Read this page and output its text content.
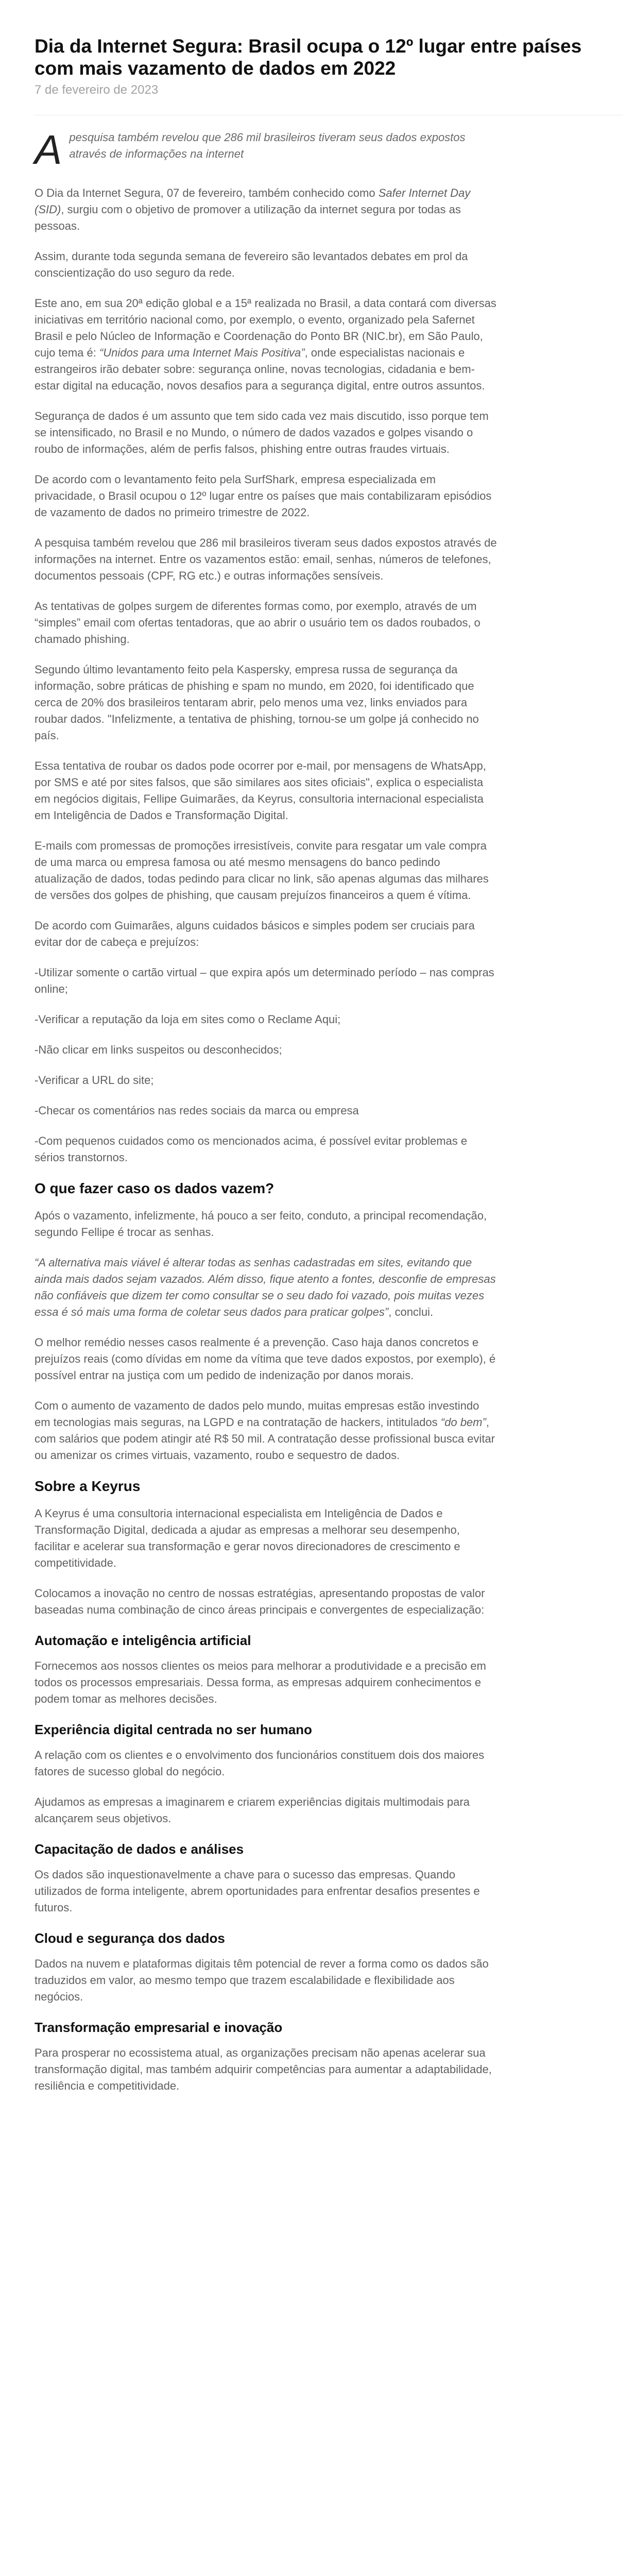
Dia da Internet Segura: Brasil ocupa o 12º lugar entre países com mais vazamento de dados em 2022
7 de fevereiro de 2023
A pesquisa também revelou que 286 mil brasileiros tiveram seus dados expostos através de informações na internet

O Dia da Internet Segura, 07 de fevereiro, também conhecido como Safer Internet Day (SID), surgiu com o objetivo de promover a utilização da internet segura por todas as pessoas.

Assim, durante toda segunda semana de fevereiro são levantados debates em prol da conscientização do uso seguro da rede.

Este ano, em sua 20ª edição global e a 15ª realizada no Brasil, a data contará com diversas iniciativas em território nacional como, por exemplo, o evento, organizado pela Safernet Brasil e pelo Núcleo de Informação e Coordenação do Ponto BR (NIC.br), em São Paulo, cujo tema é: “Unidos para uma Internet Mais Positiva”, onde especialistas nacionais e estrangeiros irão debater sobre: segurança online, novas tecnologias, cidadania e bem-estar digital na educação, novos desafios para a segurança digital, entre outros assuntos.

Segurança de dados é um assunto que tem sido cada vez mais discutido, isso porque tem se intensificado, no Brasil e no Mundo, o número de dados vazados e golpes visando o roubo de informações, além de perfis falsos, phishing entre outras fraudes virtuais.

De acordo com o levantamento feito pela SurfShark, empresa especializada em privacidade, o Brasil ocupou o 12º lugar entre os países que mais contabilizaram episódios de vazamento de dados no primeiro trimestre de 2022.

A pesquisa também revelou que 286 mil brasileiros tiveram seus dados expostos através de informações na internet. Entre os vazamentos estão: email, senhas, números de telefones, documentos pessoais (CPF, RG etc.) e outras informações sensíveis.

As tentativas de golpes surgem de diferentes formas como, por exemplo, através de um “simples” email com ofertas tentadoras, que ao abrir o usuário tem os dados roubados, o chamado phishing.

Segundo último levantamento feito pela Kaspersky, empresa russa de segurança da informação, sobre práticas de phishing e spam no mundo, em 2020, foi identificado que cerca de 20% dos brasileiros tentaram abrir, pelo menos uma vez, links enviados para roubar dados. "Infelizmente, a tentativa de phishing, tornou-se um golpe já conhecido no país.

Essa tentativa de roubar os dados pode ocorrer por e-mail, por mensagens de WhatsApp, por SMS e até por sites falsos, que são similares aos sites oficiais", explica o especialista em negócios digitais, Fellipe Guimarães, da Keyrus, consultoria internacional especialista em Inteligência de Dados e Transformação Digital.

E-mails com promessas de promoções irresistíveis, convite para resgatar um vale compra de uma marca ou empresa famosa ou até mesmo mensagens do banco pedindo atualização de dados, todas pedindo para clicar no link, são apenas algumas das milhares de versões dos golpes de phishing, que causam prejuízos financeiros a quem é vítima.

De acordo com Guimarães, alguns cuidados básicos e simples podem ser cruciais para evitar dor de cabeça e prejuízos:

-Utilizar somente o cartão virtual – que expira após um determinado período – nas compras online;

-Verificar a reputação da loja em sites como o Reclame Aqui;

-Não clicar em links suspeitos ou desconhecidos;

-Verificar a URL do site;

-Checar os comentários nas redes sociais da marca ou empresa

-Com pequenos cuidados como os mencionados acima, é possível evitar problemas e sérios transtornos.

O que fazer caso os dados vazem?

Após o vazamento, infelizmente, há pouco a ser feito, conduto, a principal recomendação, segundo Fellipe é trocar as senhas.

“A alternativa mais viável é alterar todas as senhas cadastradas em sites, evitando que ainda mais dados sejam vazados. Além disso, fique atento a fontes, desconfie de empresas não confiáveis que dizem ter como consultar se o seu dado foi vazado, pois muitas vezes essa é só mais uma forma de coletar seus dados para praticar golpes”, conclui.

O melhor remédio nesses casos realmente é a prevenção. Caso haja danos concretos e prejuízos reais (como dívidas em nome da vítima que teve dados expostos, por exemplo), é possível entrar na justiça com um pedido de indenização por danos morais.

Com o aumento de vazamento de dados pelo mundo, muitas empresas estão investindo em tecnologias mais seguras, na LGPD e na contratação de hackers, intitulados “do bem”, com salários que podem atingir até R$ 50 mil. A contratação desse profissional busca evitar ou amenizar os crimes virtuais, vazamento, roubo e sequestro de dados.

Sobre a Keyrus

A Keyrus é uma consultoria internacional especialista em Inteligência de Dados e Transformação Digital, dedicada a ajudar as empresas a melhorar seu desempenho, facilitar e acelerar sua transformação e gerar novos direcionadores de crescimento e competitividade.

Colocamos a inovação no centro de nossas estratégias, apresentando propostas de valor baseadas numa combinação de cinco áreas principais e convergentes de especialização:

Automação e inteligência artificial

Fornecemos aos nossos clientes os meios para melhorar a produtividade e a precisão em todos os processos empresariais. Dessa forma, as empresas adquirem conhecimentos e podem tomar as melhores decisões.

Experiência digital centrada no ser humano

A relação com os clientes e o envolvimento dos funcionários constituem dois dos maiores fatores de sucesso global do negócio.

Ajudamos as empresas a imaginarem e criarem experiências digitais multimodais para alcançarem seus objetivos.

Capacitação de dados e análises

Os dados são inquestionavelmente a chave para o sucesso das empresas. Quando utilizados de forma inteligente, abrem oportunidades para enfrentar desafios presentes e futuros.

Cloud e segurança dos dados

Dados na nuvem e plataformas digitais têm potencial de rever a forma como os dados são traduzidos em valor, ao mesmo tempo que trazem escalabilidade e flexibilidade aos negócios.

Transformação empresarial e inovação

Para prosperar no ecossistema atual, as organizações precisam não apenas acelerar sua transformação digital, mas também adquirir competências para aumentar a adaptabilidade, resiliência e competitividade.
